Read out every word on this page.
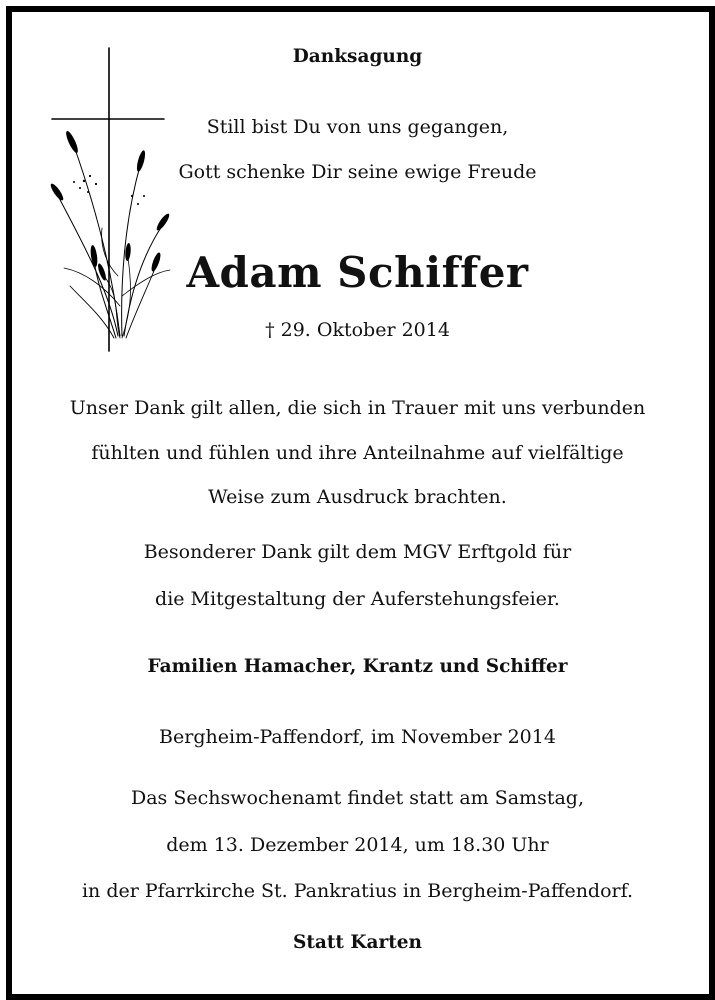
Danksagung

Still bist Du von uns gegangen,

Gott schenke Dir seine ewige Freude

Adam Schiffer

† 29. Oktober 2014

Unser Dank gilt allen, die sich in Trauer mit uns verbunden

fühlten und fühlen und ihre Anteilnahme auf vielfältige

Weise zum Ausdruck brachten.

Besonderer Dank gilt dem MGV Erftgold für

die Mitgestaltung der Auferstehungsfeier.

Familien Hamacher, Krantz und Schiffer

Bergheim-Paffendorf, im November 2014

Das Sechswochenamt findet statt am Samstag,

dem 13. Dezember 2014, um 18.30 Uhr

in der Pfarrkirche St. Pankratius in Bergheim-Paffendorf.

Statt Karten
